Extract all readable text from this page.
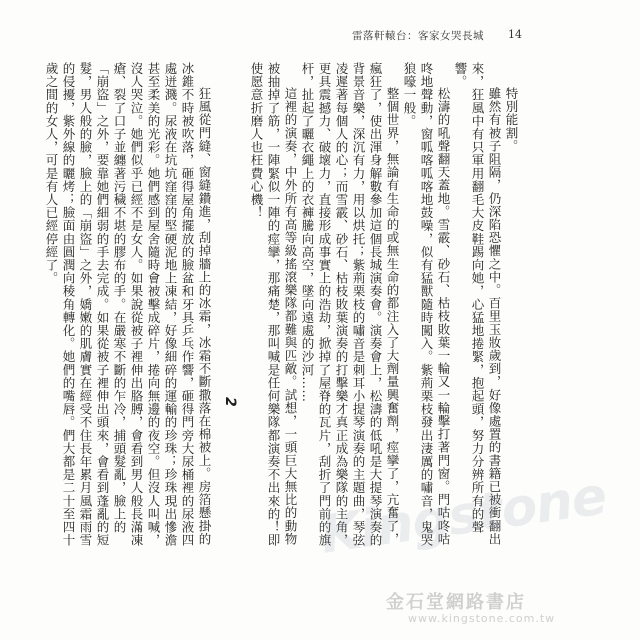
雷落軒轅台：客家女哭長城	14

特別能割。

雖然有被子阻隔，仍深陷恐懼之中。百里玉妝歲到，好像處置的書籍已被衝翻出來，狂風中有只軍用翻毛大皮鞋踢向她，心猛地捲緊，抱起頭，努力分辨所有的聲響。

松濤的吼聲翻天蓋地。雪霰、砂石、枯枝敗葉一輪又一輪擊打著門窗。門咕咚咕咚地聲動，窗呱喀呱喀地鼓噪，似有猛獸隨時闖入。紫荊栗枝發出淒厲的嘯音，鬼哭狼嚎一般。

整個世界，無論有生命的或無生命的都注入了大劑量興奮劑，痙攣了，亢奮了，瘋狂了，使出渾身解數參加這個長城演奏會。演奏會上，松濤的低吼是大提琴演奏的背景音樂，深沉有力，用以烘托；紫荊栗枝的嘯音是刺耳小提琴演奏的主題曲，琴弦凌遲著每個人的心；而雪霰、砂石、枯枝敗葉演奏的打擊樂才真正成為樂隊的主角，更具震撼力、破壞力，直接形成事實上的浩劫，掀掉了屋脊的瓦片，刮折了門前的旗杆，扯起了曬衣繩上的衣褲騰向高空，墜向遠處的沙河……

這裡的演奏，中外所有高等級搖滾樂隊都難與匹敵。試想，一頭巨大無比的動物被抽掉了筋，一陣緊似一陣的痙攣，那痛楚，那叫喊是任何樂隊都演奏不出來的！即使愿意折磨人也枉費心機！

2

狂風從門縫、窗縫鑽進，刮掉牆上的冰霜，冰霜不斷撒落在棉被上。房箔懸掛的冰錐不時被吹落，砸得屋角擺放的臉盆和牙具乒乓作響，砸得門旁大尿桶裡的尿液四處迸濺。尿液在坑坑窪窪的堅硬泥地上凍結，好像細碎的運輸的珍珠；珍珠現出慘澹甚至柔美的光彩。她們感到屋舍隨時會被擊成碎片，捲向無邊的夜空。但沒人叫喊，沒人哭泣。她們似乎已經不是女人。如果說從被子裡伸出胳膊，會看到男人般長滿凍瘡、裂了口子並纏著污穢不堪的膠布的手。在嚴寒不斷的乍冷，捕頭髮亂，臉上的「崩盜」之外，要靠她們細弱的手去完成。如果從被子裡伸出頭來，會看到蓬亂的短髮，男人般的臉，臉上的「崩盜」之外，嬌嫩的肌膚實在經受不住長年累月風霜雨雪的侵擾，紫外線的曬烤；臉面由圓潤向稜角轉化。她們的嘴唇。們大都是二十至四十歲之間的女人，可是有人已經停經了。

Kingstone
金石堂網路書店
www.kingstone.com.tw
